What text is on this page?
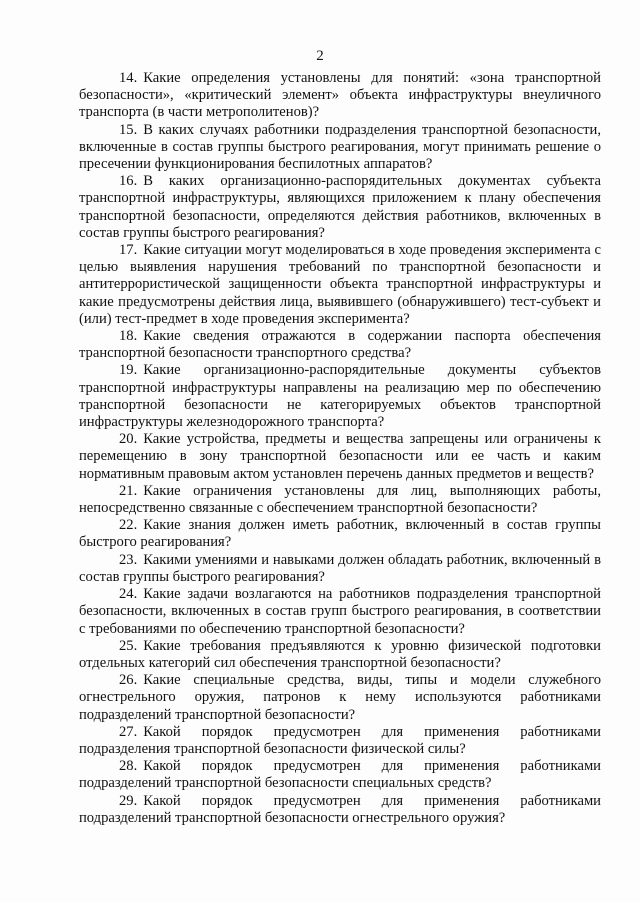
2

14. Какие определения установлены для понятий: «зона транспортной безопасности», «критический элемент» объекта инфраструктуры внеуличного транспорта (в части метрополитенов)?

15. В каких случаях работники подразделения транспортной безопасности, включенные в состав группы быстрого реагирования, могут принимать решение о пресечении функционирования беспилотных аппаратов?

16. В каких организационно-распорядительных документах субъекта транспортной инфраструктуры, являющихся приложением к плану обеспечения транспортной безопасности, определяются действия работников, включенных в состав группы быстрого реагирования?

17. Какие ситуации могут моделироваться в ходе проведения эксперимента с целью выявления нарушения требований по транспортной безопасности и антитеррористической защищенности объекта транспортной инфраструктуры и какие предусмотрены действия лица, выявившего (обнаружившего) тест-субъект и (или) тест-предмет в ходе проведения эксперимента?

18. Какие сведения отражаются в содержании паспорта обеспечения транспортной безопасности транспортного средства?

19. Какие организационно-распорядительные документы субъектов транспортной инфраструктуры направлены на реализацию мер по обеспечению транспортной безопасности не категорируемых объектов транспортной инфраструктуры железнодорожного транспорта?

20. Какие устройства, предметы и вещества запрещены или ограничены к перемещению в зону транспортной безопасности или ее часть и каким нормативным правовым актом установлен перечень данных предметов и веществ?

21. Какие ограничения установлены для лиц, выполняющих работы, непосредственно связанные с обеспечением транспортной безопасности?

22. Какие знания должен иметь работник, включенный в состав группы быстрого реагирования?

23. Какими умениями и навыками должен обладать работник, включенный в состав группы быстрого реагирования?

24. Какие задачи возлагаются на работников подразделения транспортной безопасности, включенных в состав групп быстрого реагирования, в соответствии с требованиями по обеспечению транспортной безопасности?

25. Какие требования предъявляются к уровню физической подготовки отдельных категорий сил обеспечения транспортной безопасности?

26. Какие специальные средства, виды, типы и модели служебного огнестрельного оружия, патронов к нему используются работниками подразделений транспортной безопасности?

27. Какой порядок предусмотрен для применения работниками подразделения транспортной безопасности физической силы?

28. Какой порядок предусмотрен для применения работниками подразделений транспортной безопасности специальных средств?

29. Какой порядок предусмотрен для применения работниками подразделений транспортной безопасности огнестрельного оружия?
